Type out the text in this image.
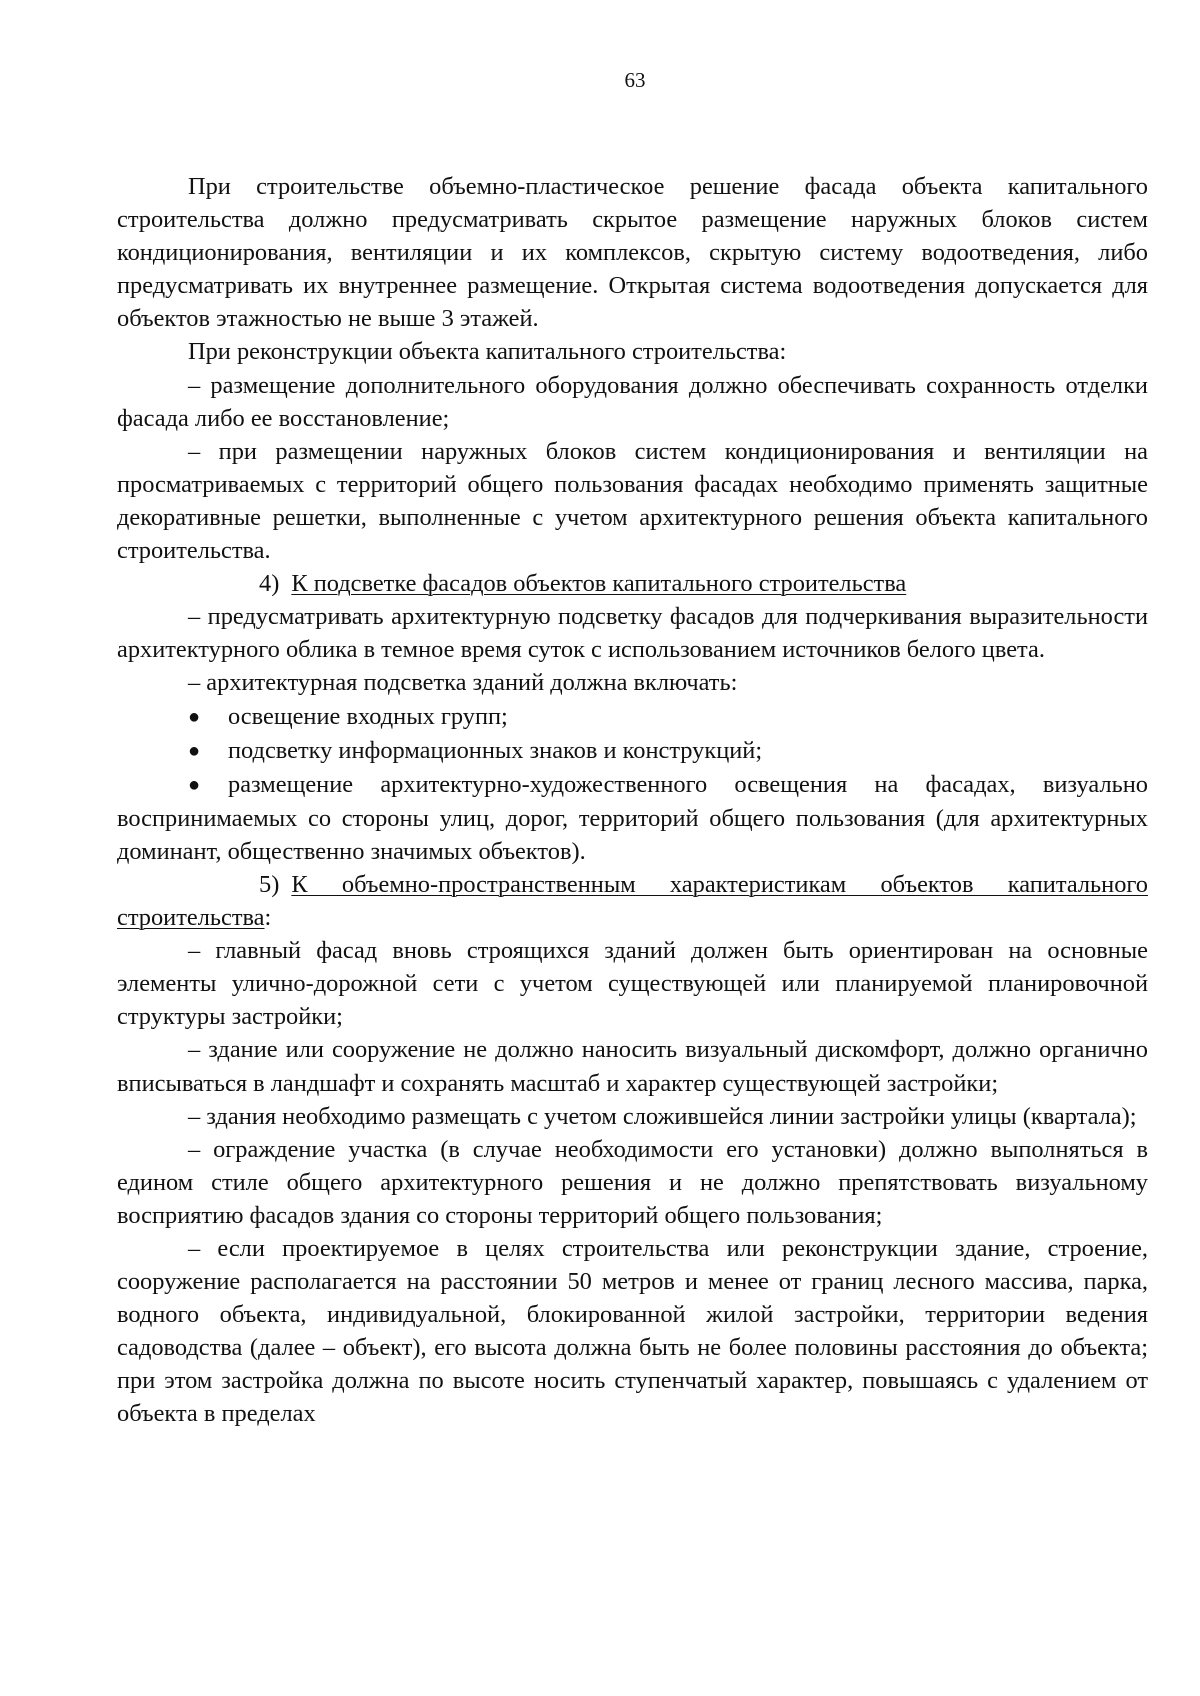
63

При строительстве объемно-пластическое решение фасада объекта капитального строительства должно предусматривать скрытое размещение наружных блоков систем кондиционирования, вентиляции и их комплексов, скрытую систему водоотведения, либо предусматривать их внутреннее размещение. Открытая система водоотведения допускается для объектов этажностью не выше 3 этажей.

При реконструкции объекта капитального строительства:

– размещение дополнительного оборудования должно обеспечивать сохранность отделки фасада либо ее восстановление;

– при размещении наружных блоков систем кондиционирования и вентиляции на просматриваемых с территорий общего пользования фасадах необходимо применять защитные декоративные решетки, выполненные с учетом архитектурного решения объекта капитального строительства.

4) К подсветке фасадов объектов капитального строительства

– предусматривать архитектурную подсветку фасадов для подчеркивания выразительности архитектурного облика в темное время суток с использованием источников белого цвета.

– архитектурная подсветка зданий должна включать:

● освещение входных групп;

● подсветку информационных знаков и конструкций;

● размещение архитектурно-художественного освещения на фасадах, визуально воспринимаемых со стороны улиц, дорог, территорий общего пользования (для архитектурных доминант, общественно значимых объектов).

5) К объемно-пространственным характеристикам объектов капитального строительства:

– главный фасад вновь строящихся зданий должен быть ориентирован на основные элементы улично-дорожной сети с учетом существующей или планируемой планировочной структуры застройки;

– здание или сооружение не должно наносить визуальный дискомфорт, должно органично вписываться в ландшафт и сохранять масштаб и характер существующей застройки;

– здания необходимо размещать с учетом сложившейся линии застройки улицы (квартала);

– ограждение участка (в случае необходимости его установки) должно выполняться в едином стиле общего архитектурного решения и не должно препятствовать визуальному восприятию фасадов здания со стороны территорий общего пользования;

– если проектируемое в целях строительства или реконструкции здание, строение, сооружение располагается на расстоянии 50 метров и менее от границ лесного массива, парка, водного объекта, индивидуальной, блокированной жилой застройки, территории ведения садоводства (далее – объект), его высота должна быть не более половины расстояния до объекта; при этом застройка должна по высоте носить ступенчатый характер, повышаясь с удалением от объекта в пределах
